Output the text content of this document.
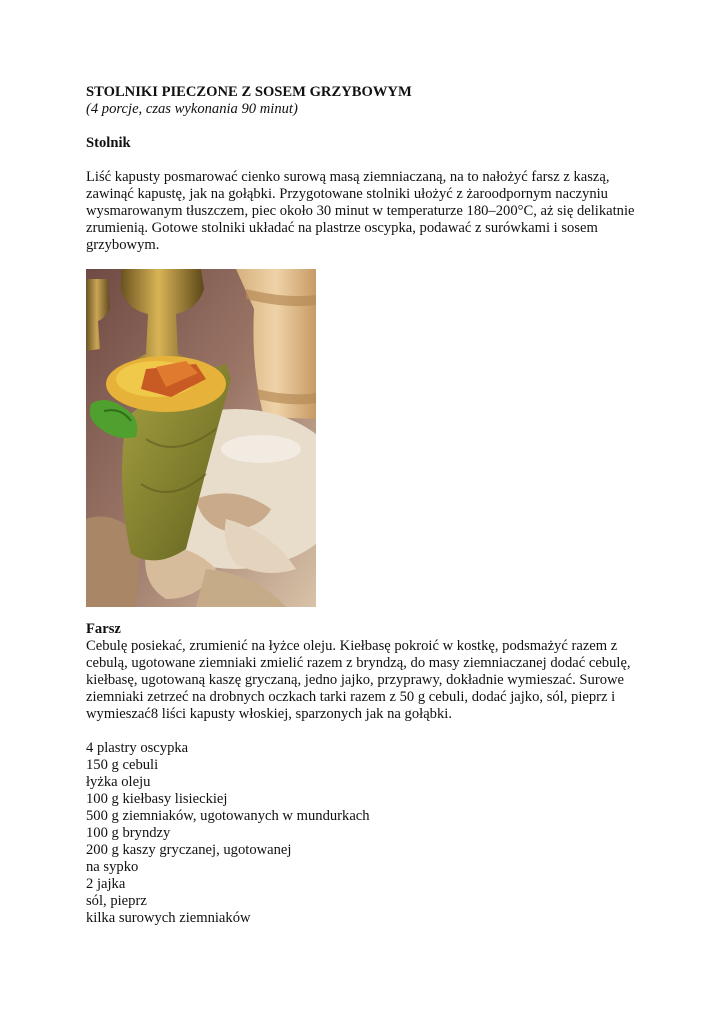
STOLNIKI PIECZONE Z SOSEM GRZYBOWYM

(4 porcje, czas wykonania 90 minut)

Stolnik

Liść kapusty posmarować cienko surową masą ziemniaczaną, na to nałożyć farsz z kaszą, zawinąć kapustę, jak na gołąbki. Przygotowane stolniki ułożyć z żaroodpornym naczyniu wysmarowanym tłuszczem, piec około 30 minut w temperaturze 180–200°C, aż się delikatnie zrumienią. Gotowe stolniki układać na plastrze oscypka, podawać z surówkami i sosem grzybowym.

Farsz

Cebulę posiekać, zrumienić na łyżce oleju. Kiełbasę pokroić w kostkę, podsmażyć razem z cebulą, ugotowane ziemniaki zmielić razem z bryndzą, do masy ziemniaczanej dodać cebulę, kiełbasę, ugotowaną kaszę gryczaną, jedno jajko, przyprawy, dokładnie wymieszać. Surowe ziemniaki zetrzeć na drobnych oczkach tarki razem z 50 g cebuli, dodać jajko, sól, pieprz i wymieszać8 liści kapusty włoskiej, sparzonych jak na gołąbki.

4 plastry oscypka
150 g cebuli
łyżka oleju
100 g kiełbasy lisieckiej
500 g ziemniaków, ugotowanych w mundurkach
100 g bryndzy
200 g kaszy gryczanej, ugotowanej
na sypko
2 jajka
sól, pieprz
kilka surowych ziemniaków
